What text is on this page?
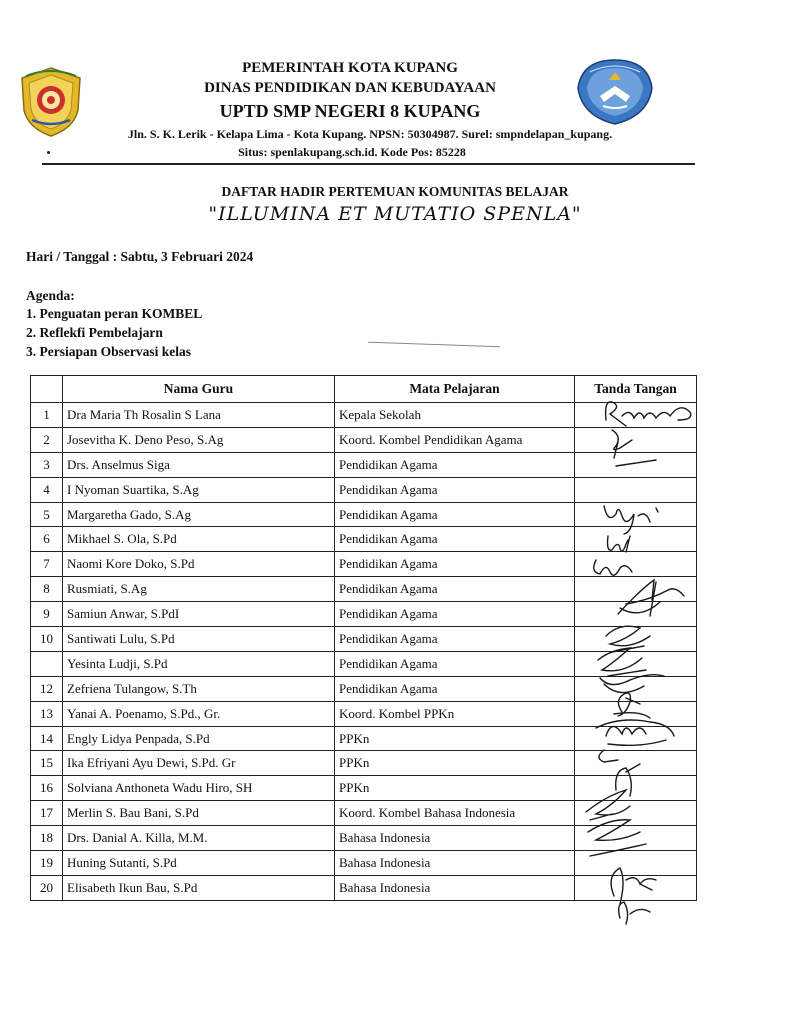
PEMERINTAH KOTA KUPANG
DINAS PENDIDIKAN DAN KEBUDAYAAN
UPTD SMP NEGERI 8 KUPANG
Jln. S. K. Lerik - Kelapa Lima - Kota Kupang. NPSN: 50304987. Surel: smpndelapan_kupang.
Situs: spenlakupang.sch.id. Kode Pos: 85228
DAFTAR HADIR PERTEMUAN KOMUNITAS BELAJAR
"ILLUMINA ET MUTATIO SPENLA"
Hari / Tanggal : Sabtu, 3 Februari 2024
Agenda:
1. Penguatan peran KOMBEL
2. Reflekfi Pembelajarn
3. Persiapan Observasi kelas
	Nama Guru	Mata Pelajaran	Tanda Tangan
1	Dra Maria Th Rosalin S Lana	Kepala Sekolah	
2	Josevitha K. Deno Peso, S.Ag	Koord. Kombel Pendidikan Agama	
3	Drs. Anselmus Siga	Pendidikan Agama	
4	I Nyoman Suartika, S.Ag	Pendidikan Agama	
5	Margaretha Gado, S.Ag	Pendidikan Agama	
6	Mikhael S. Ola, S.Pd	Pendidikan Agama	
7	Naomi Kore Doko, S.Pd	Pendidikan Agama	
8	Rusmiati, S.Ag	Pendidikan Agama	
9	Samiun Anwar, S.PdI	Pendidikan Agama	
10	Santiwati Lulu, S.Pd	Pendidikan Agama	
	Yesinta Ludji, S.Pd	Pendidikan Agama	
12	Zefriena Tulangow, S.Th	Pendidikan Agama	
13	Yanai A. Poenamo, S.Pd., Gr.	Koord. Kombel PPKn	
14	Engly Lidya Penpada, S.Pd	PPKn	
15	Ika Efriyani Ayu Dewi, S.Pd. Gr	PPKn	
16	Solviana Anthoneta Wadu Hiro, SH	PPKn	
17	Merlin S. Bau Bani, S.Pd	Koord. Kombel Bahasa Indonesia	
18	Drs. Danial A. Killa, M.M.	Bahasa Indonesia	
19	Huning Sutanti, S.Pd	Bahasa Indonesia	
20	Elisabeth Ikun Bau, S.Pd	Bahasa Indonesia	
